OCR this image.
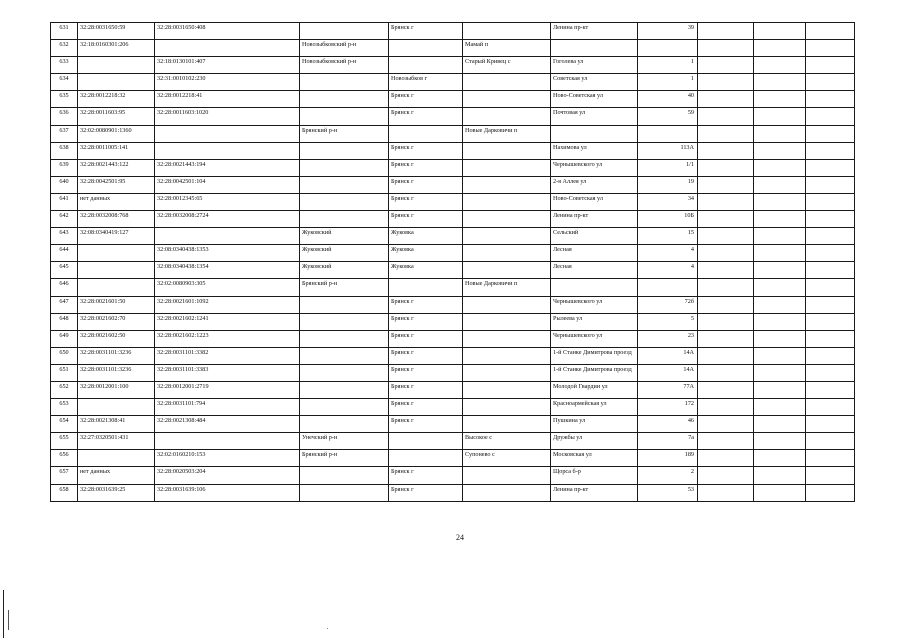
631	32:28:0031650:59	32:28:0031650:408		Брянск г		Ленина пр-кт	39			
632	32:18:0160301:206		Новозыбковский р-н		Мамай п					
633		32:18:0130101:407	Новозыбковский р-н		Старый Кривец с	Гоголева ул	1			
634		32:31:0010102:230		Новозыбков г		Советская ул	1			
635	32:28:0012218:32	32:28:0012218:41		Брянск г		Ново-Советская ул	40			
636	32:28:0011603:95	32:28:0011603:1020		Брянск г		Почтовая ул	59			
637	32:02:0080901:1360		Брянский р-н		Новые Дарковичи п					
638	32:28:0011005:141			Брянск г		Нахимова ул	113А			
639	32:28:0021443:122	32:28:0021443:194		Брянск г		Чернышевского ул	1/1			
640	32:28:0042501:95	32:28:0042501:104		Брянск г		2-я Аллея ул	19			
641	нет данных	32:28:0012345:65		Брянск г		Ново-Советская ул	34			
642	32:28:0032008:768	32:28:0032008:2724		Брянск г		Ленина пр-кт	10Б			
643	32:08:0340419:127		Жуковский	Жуковка		Сельский	15			
644		32:08:0340438:1353	Жуковский	Жуковка		Лесная	4			
645		32:08:0340438:1354	Жуковский	Жуковка		Лесная	4			
646		32:02:0080903:305	Брянский р-н		Новые Дарковичи п					
647	32:28:0021601:50	32:28:0021601:1092		Брянск г		Чернышевского ул	72б			
648	32:28:0021602:70	32:28:0021602:1241		Брянск г		Рылеева ул	5			
649	32:28:0021602:50	32:28:0021602:1223		Брянск г		Чернышевского ул	23			
650	32:28:0031101:3236	32:28:0031101:3382		Брянск г		1-й Станке Димитрова проезд	14А			
651	32:28:0031101:3236	32:28:0031101:3383		Брянск г		1-й Станке Димитрова проезд	14А			
652	32:28:0012001:100	32:28:0012001:2719		Брянск г		Молодой Гвардии ул	77А			
653		32:28:0031101:794		Брянск г		Красноармейская ул	172			
654	32:28:0021308:41	32:28:0021308:484		Брянск г		Пушкина ул	46			
655	32:27:0320501:431		Унечский р-н		Высокое с	Дружбы ул	7а			
656		32:02:0160210:153	Брянский р-н		Супонево с	Московская ул	189			
657	нет данных	32:28:0020503:204		Брянск г		Щорса б-р	2			
658	32:28:0031639:25	32:28:0031639:106		Брянск г		Ленина пр-кт	53			
24
